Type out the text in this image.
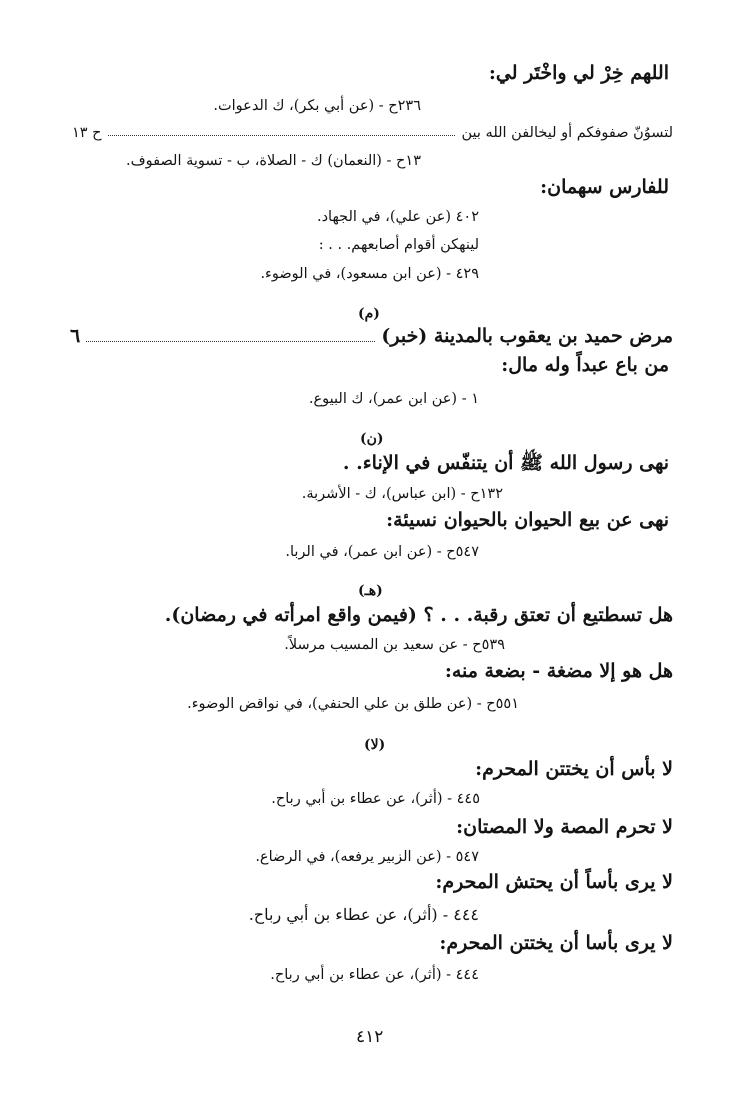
اللهم خِرْ لي واخْتَر لي:
٢٣٦ح - (عن أبي بكر)، ك الدعوات.
لتسوُنّ صفوفكم أو ليخالفن الله بين
ح ١٣
١٣ح - (النعمان) ك - الصلاة، ب - تسوية الصفوف.
للفارس سهمان:
٤٠٢ (عن علي)، في الجهاد.
لينهكن أقوام أصابعهم. . . :
٤٢٩ - (عن ابن مسعود)، في الوضوء.
(م)
مرض حميد بن يعقوب بالمدينة (خبر)
٦
من باع عبداً وله مال:
١ - (عن ابن عمر)، ك البيوع.
(ن)
نهى رسول الله ﷺ أن يتنفّس في الإناء. .
١٣٢ح - (ابن عباس)، ك - الأشربة.
نهى عن بيع الحيوان بالحيوان نسيئة:
٥٤٧ح - (عن ابن عمر)، في الربا.
(هـ)
هل تسطتيع أن تعتق رقبة. . . ؟ (فيمن واقع امرأته في رمضان).
٥٣٩ح - عن سعيد بن المسيب مرسلاً.
هل هو إلا مضغة - بضعة منه:
٥٥١ح - (عن طلق بن علي الحنفي)، في نواقض الوضوء.
(لا)
لا بأس أن يختتن المحرم:
٤٤٥ - (أثر)، عن عطاء بن أبي رباح.
لا تحرم المصة ولا المصتان:
٥٤٧ - (عن الزبير يرفعه)، في الرضاع.
لا يرى بأساً أن يحتش المحرم:
٤٤٤ - (أثر)، عن عطاء بن أبي رباح.
لا يرى بأسا أن يختتن المحرم:
٤٤٤ - (أثر)، عن عطاء بن أبي رباح.
٤١٢
